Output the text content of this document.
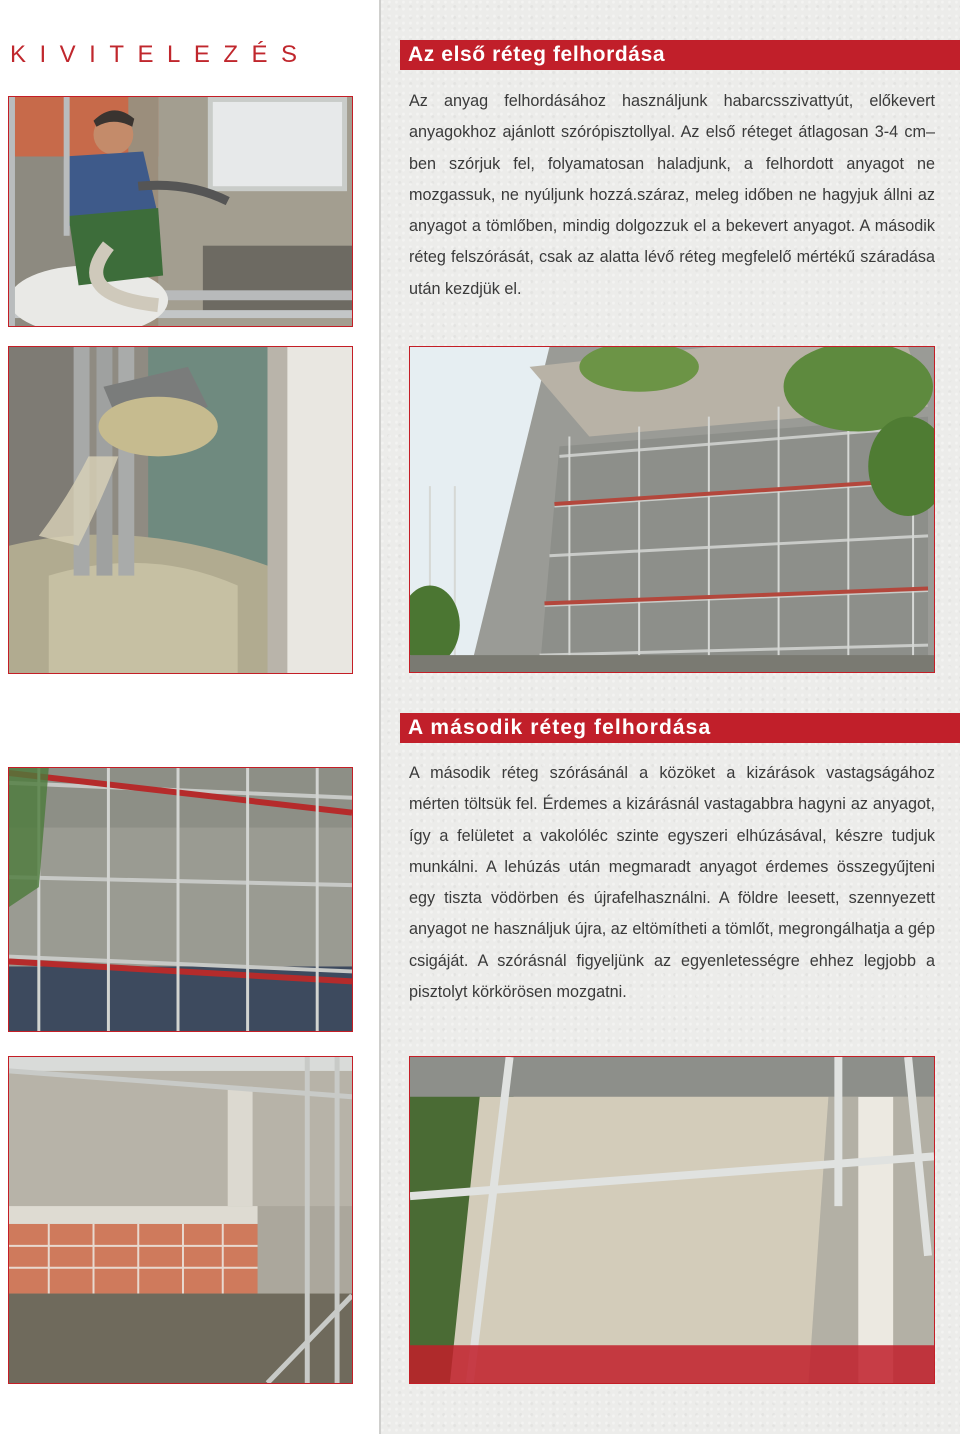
KIVITELEZÉS	Az első réteg felhordása

Az anyag felhordásához használjunk habarcsszivattyút, előkevert anyagokhoz ajánlott szórópisztollyal. Az első réteget átlagosan 3-4 cm–ben szórjuk fel, folyamatosan haladjunk, a felhordott anyagot ne mozgassuk, ne nyúljunk hozzá.száraz, meleg időben ne hagyjuk állni az anyagot a tömlőben, mindig dolgozzuk el a bekevert anyagot. A második réteg felszórását, csak az alatta lévő réteg megfelelő mértékű száradása után kezdjük el.

A második réteg felhordása

A második réteg szórásánál a közöket a kizárások vastagságához mérten töltsük fel. Érdemes a kizárásnál vastagabbra hagyni az anyagot, így a felületet a vakolóléc szinte egyszeri elhúzásával, készre tudjuk munkálni. A lehúzás után megmaradt anyagot érdemes összegyűjteni egy tiszta vödörben és újrafelhasználni. A földre leesett, szennyezett anyagot ne használjuk újra, az eltömítheti a tömlőt, megrongálhatja a gép csigáját. A szórásnál figyeljünk az egyenletességre ehhez legjobb a pisztolyt körkörösen mozgatni.
